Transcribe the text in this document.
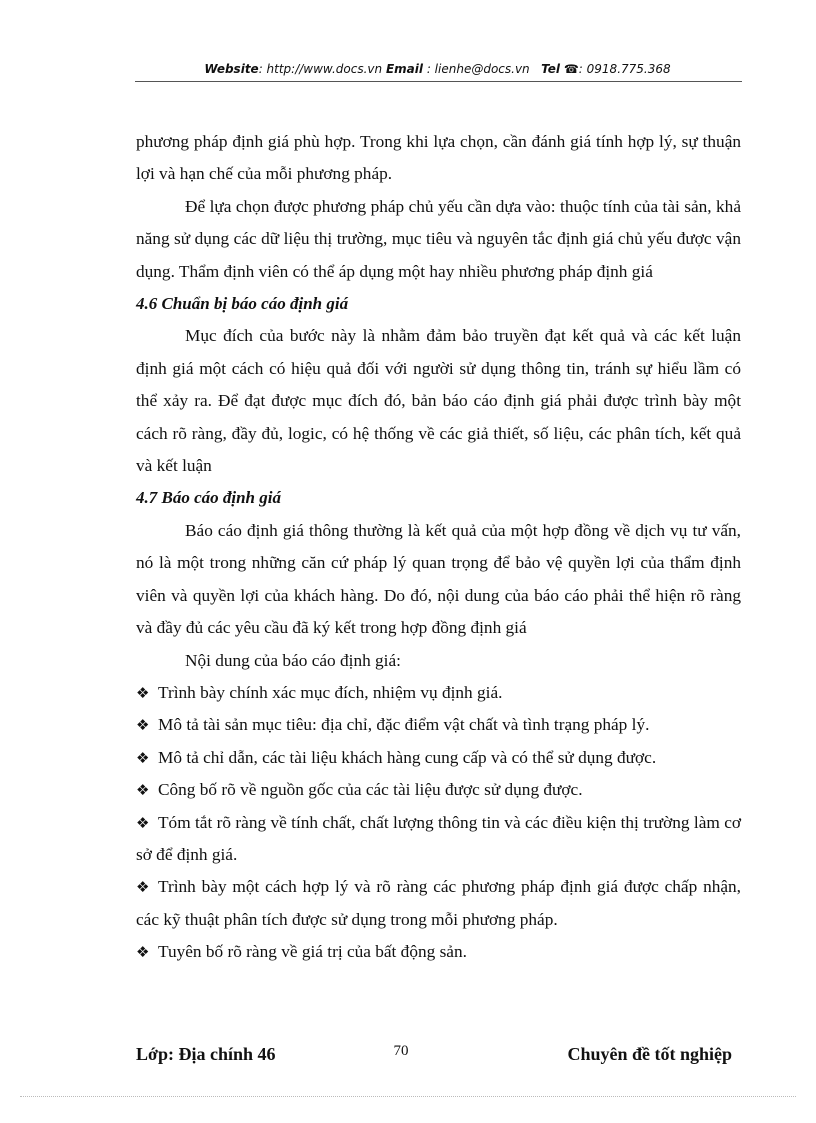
Website: http://www.docs.vn Email : lienhe@docs.vn Tel ☎: 0918.775.368

phương pháp định giá phù hợp. Trong khi lựa chọn, cần đánh giá tính hợp lý, sự thuận lợi và hạn chế của mỗi phương pháp.

Để lựa chọn được phương pháp chủ yếu cần dựa vào: thuộc tính của tài sản, khả năng sử dụng các dữ liệu thị trường, mục tiêu và nguyên tắc định giá chủ yếu được vận dụng. Thẩm định viên có thể áp dụng một hay nhiều phương pháp định giá

4.6 Chuẩn bị báo cáo định giá

Mục đích của bước này là nhằm đảm bảo truyền đạt kết quả và các kết luận định giá một cách có hiệu quả đối với người sử dụng thông tin, tránh sự hiểu lầm có thể xảy ra. Để đạt được mục đích đó, bản báo cáo định giá phải được trình bày một cách rõ ràng, đầy đủ, logic, có hệ thống về các giả thiết, số liệu, các phân tích, kết quả và kết luận

4.7 Báo cáo định giá

Báo cáo định giá thông thường là kết quả của một hợp đồng về dịch vụ tư vấn, nó là một trong những căn cứ pháp lý quan trọng để bảo vệ quyền lợi của thẩm định viên và quyền lợi của khách hàng. Do đó, nội dung của báo cáo phải thể hiện rõ ràng và đầy đủ các yêu cầu đã ký kết trong hợp đồng định giá

Nội dung của báo cáo định giá:

❖ Trình bày chính xác mục đích, nhiệm vụ định giá.

❖ Mô tả tài sản mục tiêu: địa chỉ, đặc điểm vật chất và tình trạng pháp lý.

❖ Mô tả chỉ dẫn, các tài liệu khách hàng cung cấp và có thể sử dụng được.

❖ Công bố rõ về nguồn gốc của các tài liệu được sử dụng được.

❖ Tóm tắt rõ ràng về tính chất, chất lượng thông tin và các điều kiện thị trường làm cơ sở để định giá.

❖ Trình bày một cách hợp lý và rõ ràng các phương pháp định giá được chấp nhận, các kỹ thuật phân tích được sử dụng trong mỗi phương pháp.

❖ Tuyên bố rõ ràng về giá trị của bất động sản.

Lớp: Địa chính 46	70	Chuyên đề tốt nghiệp
